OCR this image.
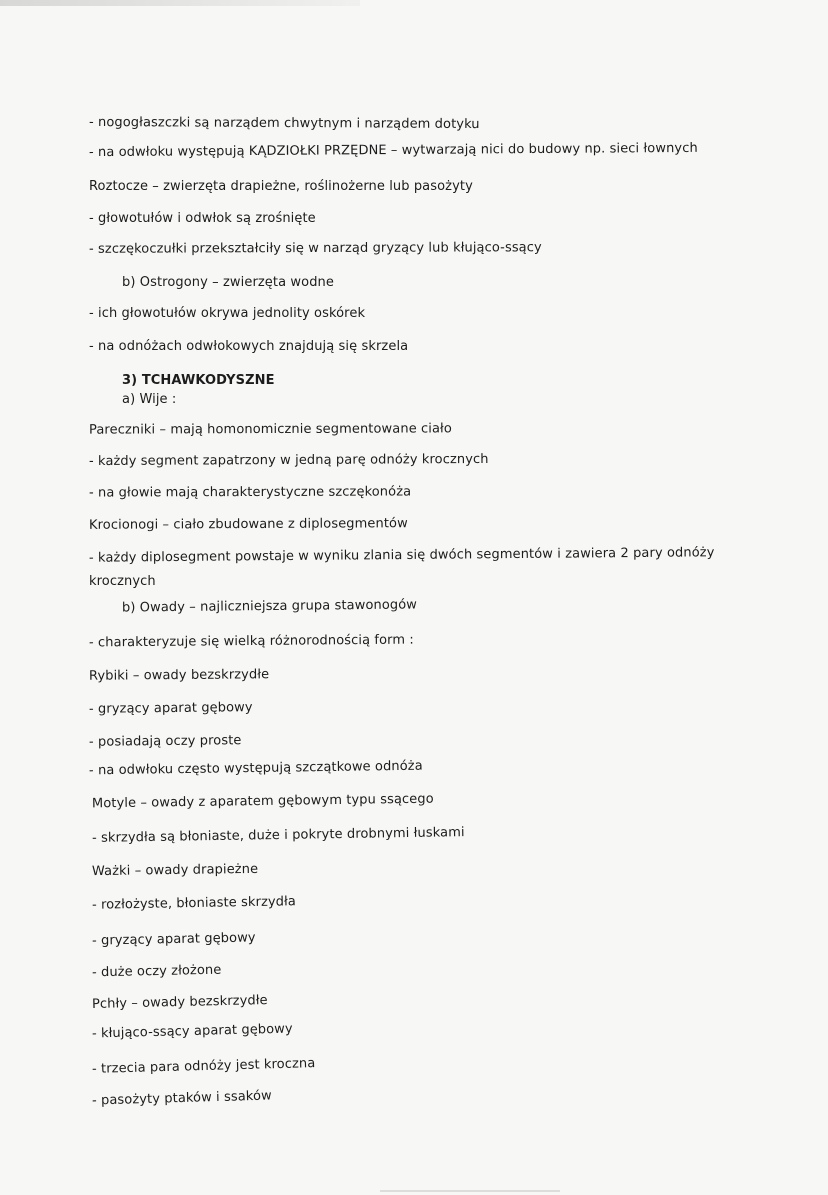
- nogogłaszczki są narządem chwytnym i narządem dotyku
- na odwłoku występują KĄDZIOŁKI PRZĘDNE – wytwarzają nici do budowy np. sieci łownych
Roztocze – zwierzęta drapieżne, roślinożerne lub pasożyty
- głowotułów i odwłok są zrośnięte
- szczękoczułki przekształciły się w narząd gryzący lub kłująco-ssący
b) Ostrogony – zwierzęta wodne
- ich głowotułów okrywa jednolity oskórek
- na odnóżach odwłokowych znajdują się skrzela
3) TCHAWKODYSZNE
a) Wije :
Pareczniki – mają homonomicznie segmentowane ciało
- każdy segment zapatrzony w jedną parę odnóży krocznych
- na głowie mają charakterystyczne szczękonóża
Krocionogi – ciało zbudowane z diplosegmentów
- każdy diplosegment powstaje w wyniku zlania się dwóch segmentów i zawiera 2 pary odnóży
krocznych
b) Owady – najliczniejsza grupa stawonogów
- charakteryzuje się wielką różnorodnością form :
Rybiki – owady bezskrzydłe
- gryzący aparat gębowy
- posiadają oczy proste
- na odwłoku często występują szczątkowe odnóża
Motyle – owady z aparatem gębowym typu ssącego
- skrzydła są błoniaste, duże i pokryte drobnymi łuskami
Ważki – owady drapieżne
- rozłożyste, błoniaste skrzydła
- gryzący aparat gębowy
- duże oczy złożone
Pchły – owady bezskrzydłe
- kłująco-ssący aparat gębowy
- trzecia para odnóży jest kroczna
- pasożyty ptaków i ssaków
